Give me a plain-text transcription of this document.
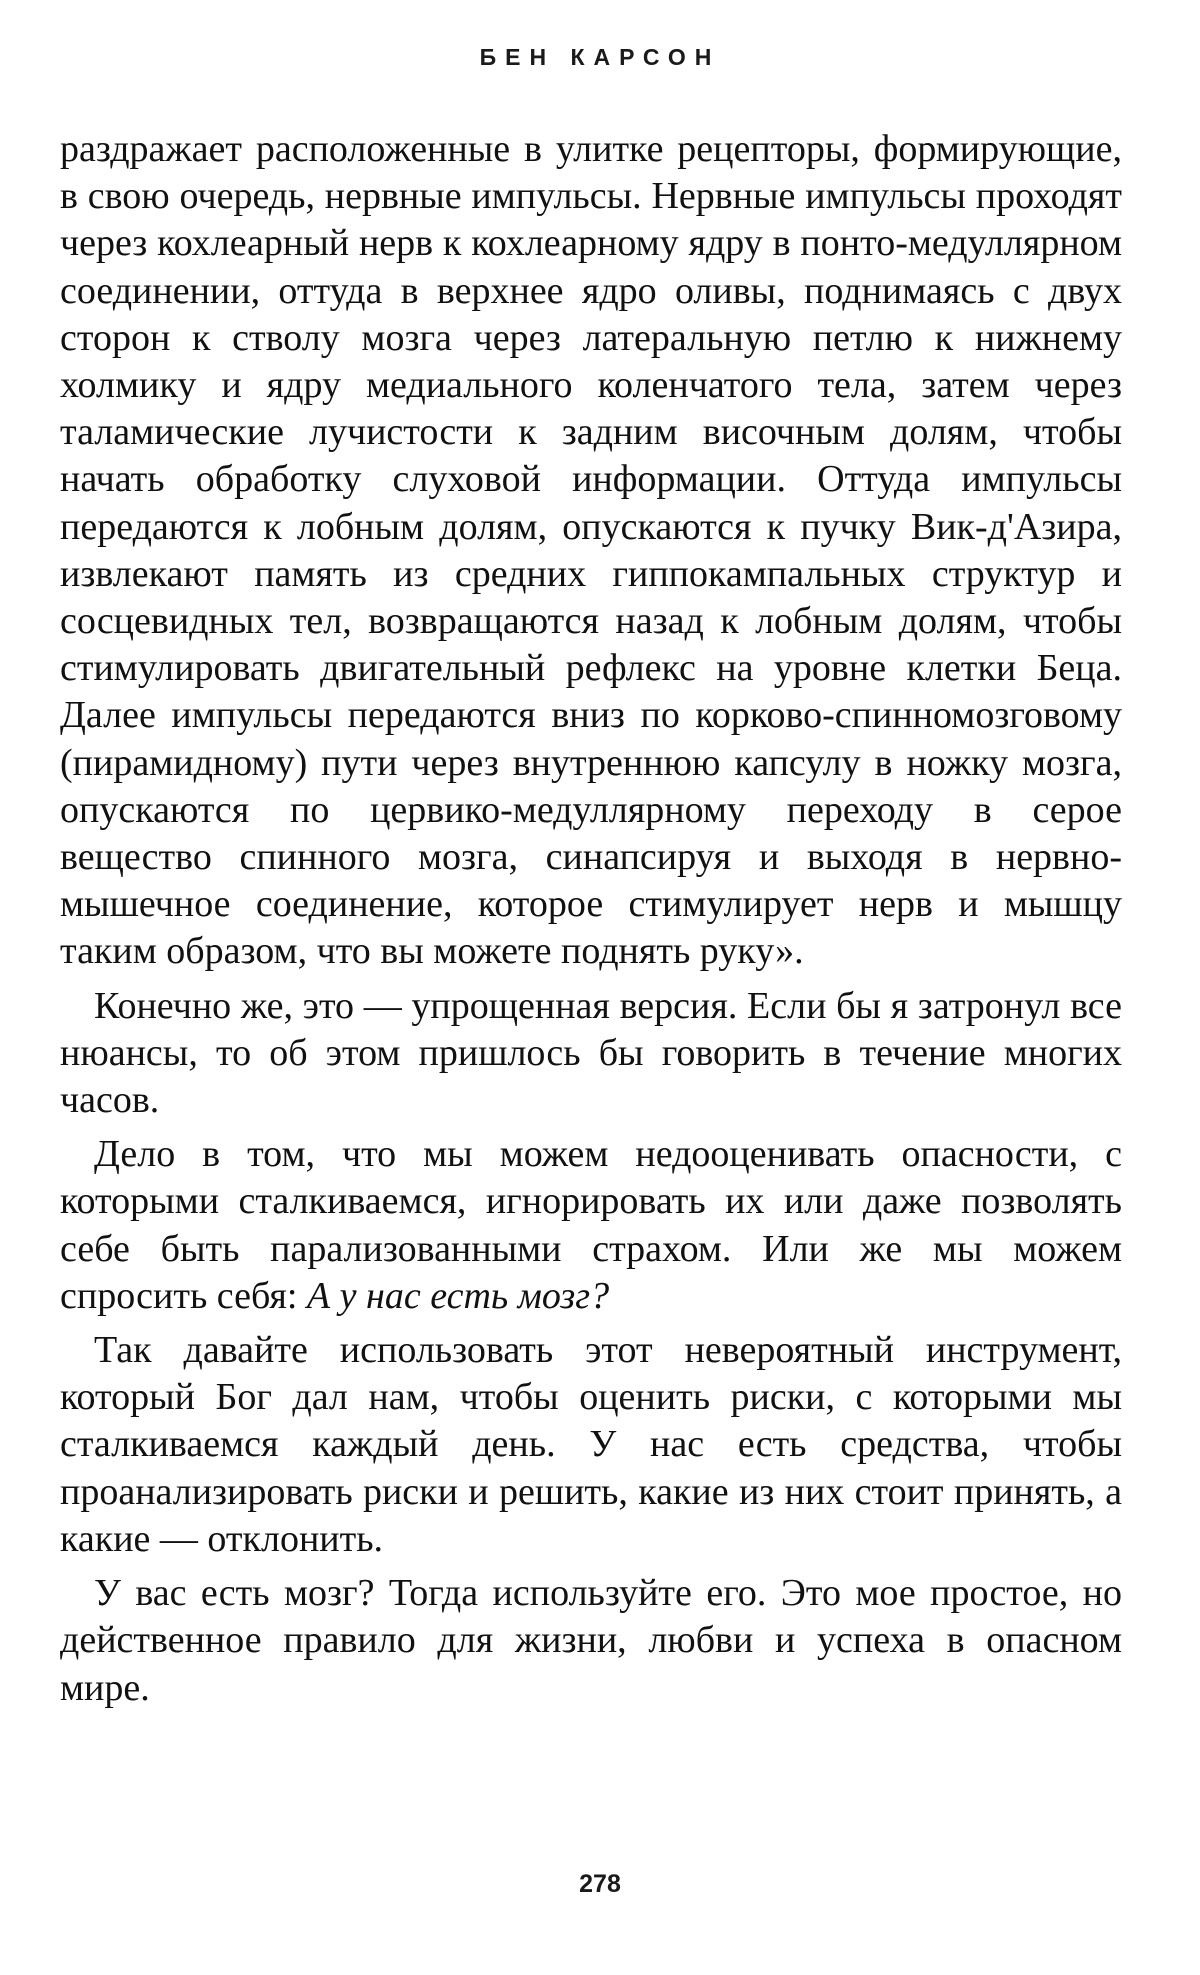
БЕН КАРСОН

раздражает расположенные в улитке рецепторы, формирующие, в свою очередь, нервные импульсы. Нервные импульсы проходят через кохлеарный нерв к кохлеарному ядру в понто-медуллярном соединении, оттуда в верхнее ядро оливы, поднимаясь с двух сторон к стволу мозга через латеральную петлю к нижнему холмику и ядру медиального коленчатого тела, затем через таламические лучистости к задним височным долям, чтобы начать обработку слуховой информации. Оттуда импульсы передаются к лобным долям, опускаются к пучку Вик-д'Азира, извлекают память из средних гиппокампальных структур и сосцевидных тел, возвращаются назад к лобным долям, чтобы стимулировать двигательный рефлекс на уровне клетки Беца. Далее импульсы передаются вниз по корково-спинномозговому (пирамидному) пути через внутреннюю капсулу в ножку мозга, опускаются по цервико-медуллярному переходу в серое вещество спинного мозга, синапсируя и выходя в нервно-мышечное соединение, которое стимулирует нерв и мышцу таким образом, что вы можете поднять руку».

Конечно же, это — упрощенная версия. Если бы я затронул все нюансы, то об этом пришлось бы говорить в течение многих часов.

Дело в том, что мы можем недооценивать опасности, с которыми сталкиваемся, игнорировать их или даже позволять себе быть парализованными страхом. Или же мы можем спросить себя: А у нас есть мозг?

Так давайте использовать этот невероятный инструмент, который Бог дал нам, чтобы оценить риски, с которыми мы сталкиваемся каждый день. У нас есть средства, чтобы проанализировать риски и решить, какие из них стоит принять, а какие — отклонить.

У вас есть мозг? Тогда используйте его. Это мое простое, но действенное правило для жизни, любви и успеха в опасном мире.

278
